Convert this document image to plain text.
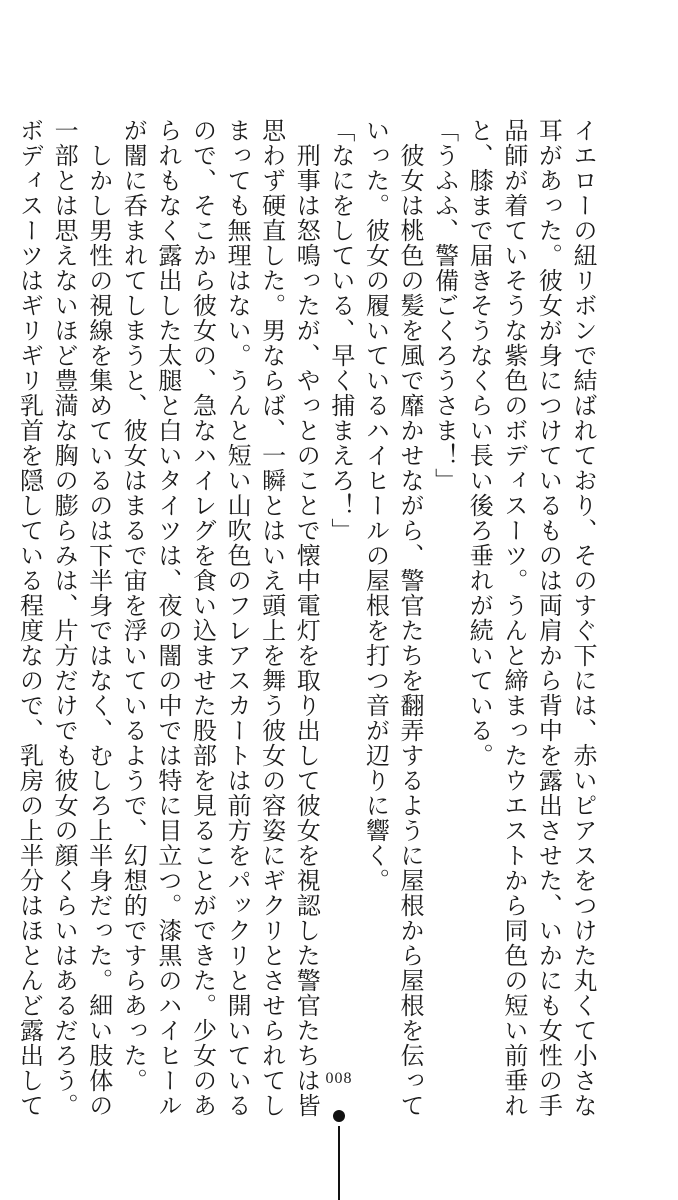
イエローの紐リボンで結ばれており、そのすぐ下には、赤いピアスをつけた丸くて小さな
耳があった。彼女が身につけているものは両肩から背中を露出させた、いかにも女性の手
品師が着ていそうな紫色のボディスーツ。うんと締まったウエストから同色の短い前垂れ
と、膝まで届きそうなくらい長い後ろ垂れが続いている。
「うふふ、警備ごくろうさま！」
　彼女は桃色の髪を風で靡かせながら、警官たちを翻弄するように屋根から屋根を伝って
いった。彼女の履いているハイヒールの屋根を打つ音が辺りに響く。
「なにをしている、早く捕まえろ！」
　刑事は怒鳴ったが、やっとのことで懐中電灯を取り出して彼女を視認した警官たちは皆
思わず硬直した。男ならば、一瞬とはいえ頭上を舞う彼女の容姿にギクリとさせられてし
まっても無理はない。うんと短い山吹色のフレアスカートは前方をパックリと開いている
ので、そこから彼女の、急なハイレグを食い込ませた股部を見ることができた。少女のあ
られもなく露出した太腿と白いタイツは、夜の闇の中では特に目立つ。漆黒のハイヒール
が闇に呑まれてしまうと、彼女はまるで宙を浮いているようで、幻想的ですらあった。
　しかし男性の視線を集めているのは下半身ではなく、むしろ上半身だった。細い肢体の
一部とは思えないほど豊満な胸の膨らみは、片方だけでも彼女の顔くらいはあるだろう。
ボディスーツはギリギリ乳首を隠している程度なので、乳房の上半分はほとんど露出して	008
